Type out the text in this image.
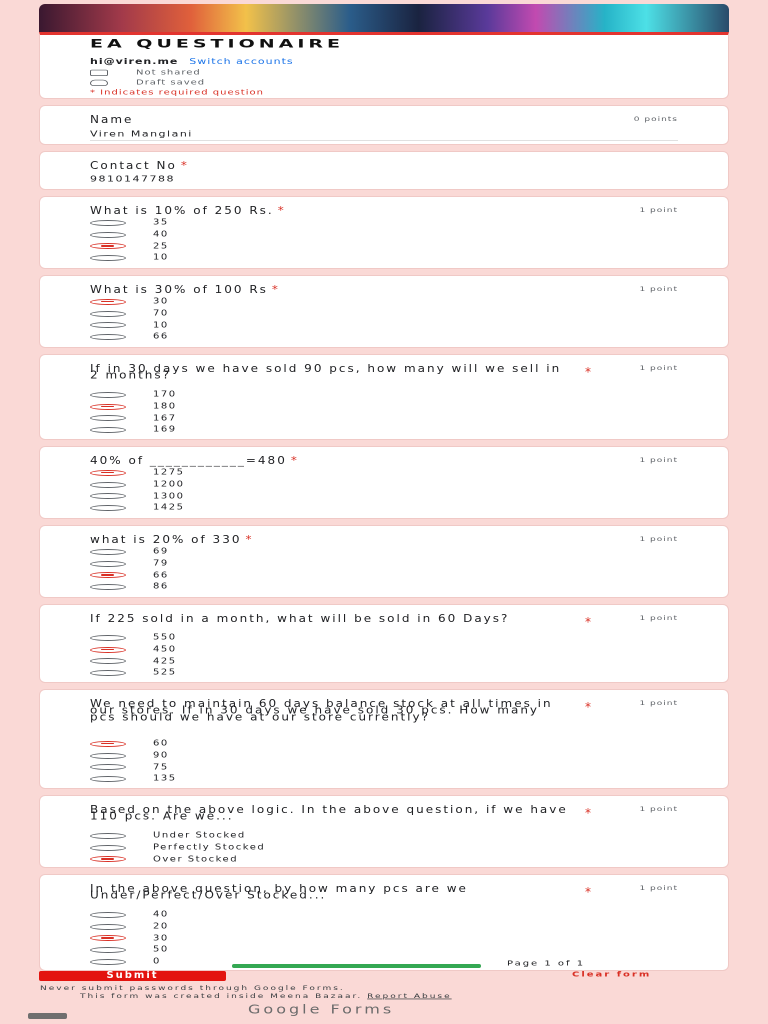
EA QUESTIONAIRE
hi@viren.me Switch accounts
Not shared
Draft saved
* Indicates required question
Name	0 points
Viren Manglani
Contact No *
9810147788
What is 10% of 250 Rs. *	1 point
35
40
25
10
What is 30% of 100 Rs *	1 point
30
70
10
66
If in 30 days we have sold 90 pcs, how many will we sell in 2 months?	*	1 point
170
180
167
169
40% of ____________=480 *	1 point
1275
1200
1300
1425
what is 20% of 330 *	1 point
69
79
66
86
If 225 sold in a month, what will be sold in 60 Days?	*	1 point
550
450
425
525
We need to maintain 60 days balance stock at all times in our stores. If in 30 days we have sold 30 pcs. How many pcs should we have at our store currently?
*	1 point
60
90
75
135
Based on the above logic. In the above question, if we have 110 pcs. Are we...	*	1 point
Under Stocked
Perfectly Stocked
Over Stocked
In the above question, by how many pcs are we Under/Perfect/Over Stocked...	*	1 point
40
20
30
50
0	Page 1 of 1
Submit	Clear form
Never submit passwords through Google Forms.
This form was created inside Meena Bazaar. Report Abuse
Google Forms
